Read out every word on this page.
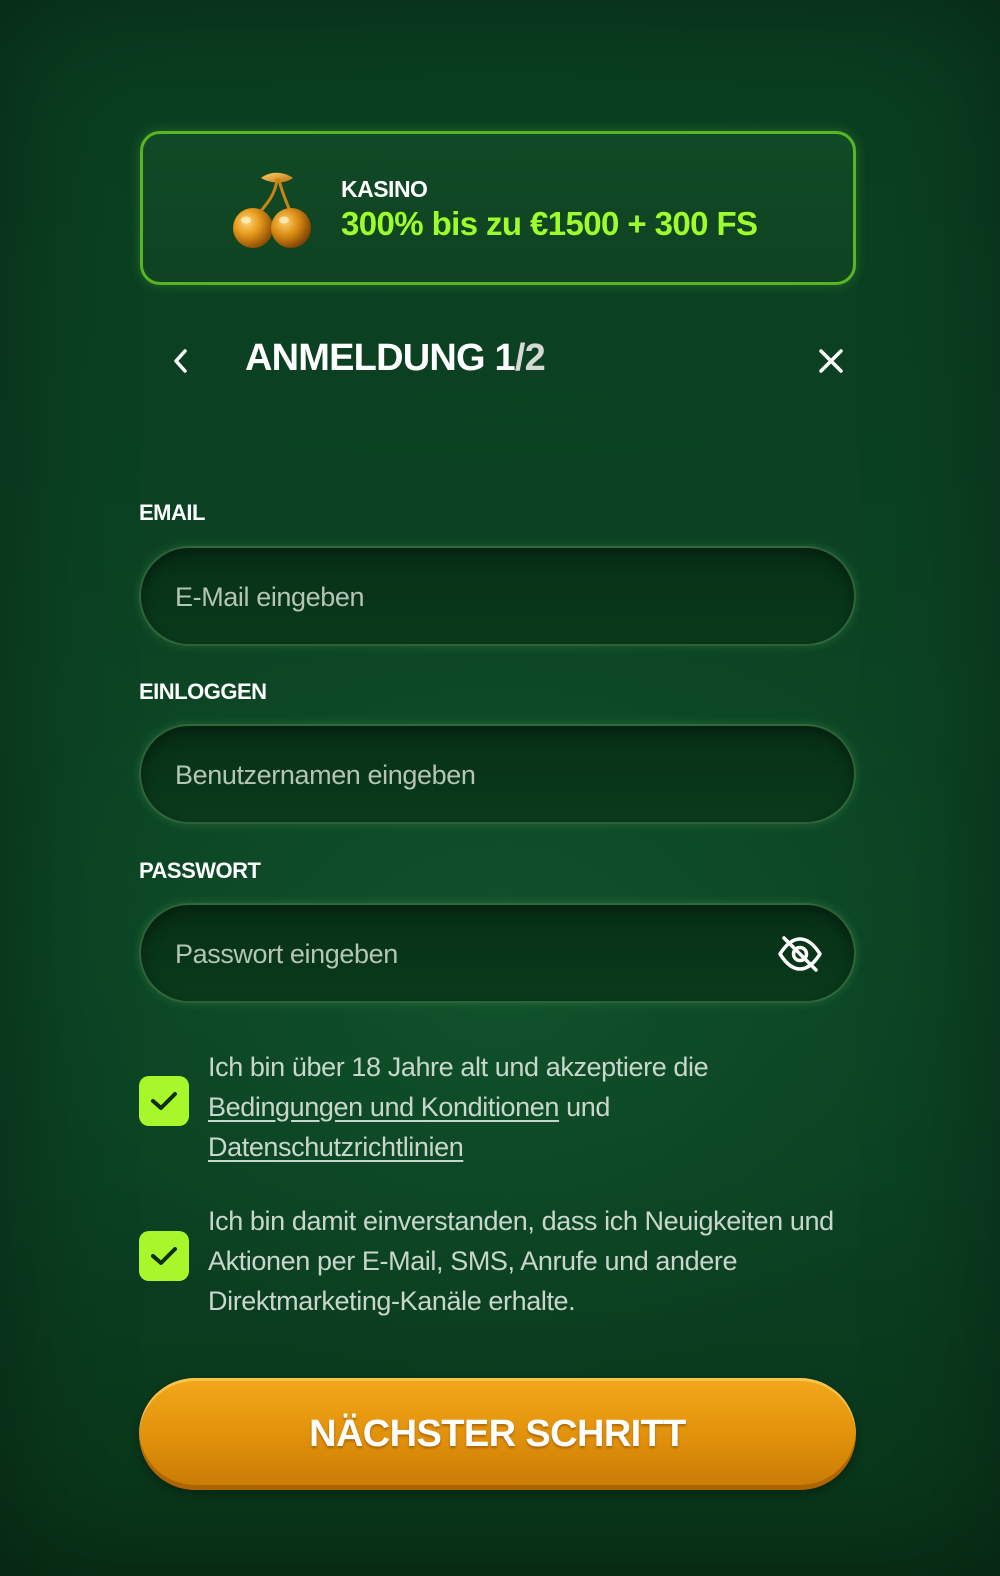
KASINO
300% bis zu €1500 + 300 FS
ANMELDUNG 1/2
EMAIL
E-Mail eingeben
EINLOGGEN
Benutzernamen eingeben
PASSWORT
Ich bin über 18 Jahre alt und akzeptiere die Bedingungen und Konditionen und
Datenschutzrichtlinien
Ich bin damit einverstanden, dass ich Neuigkeiten und Aktionen per E-Mail, SMS, Anrufe und andere Direktmarketing-Kanäle erhalte.
NÄCHSTER SCHRITT
